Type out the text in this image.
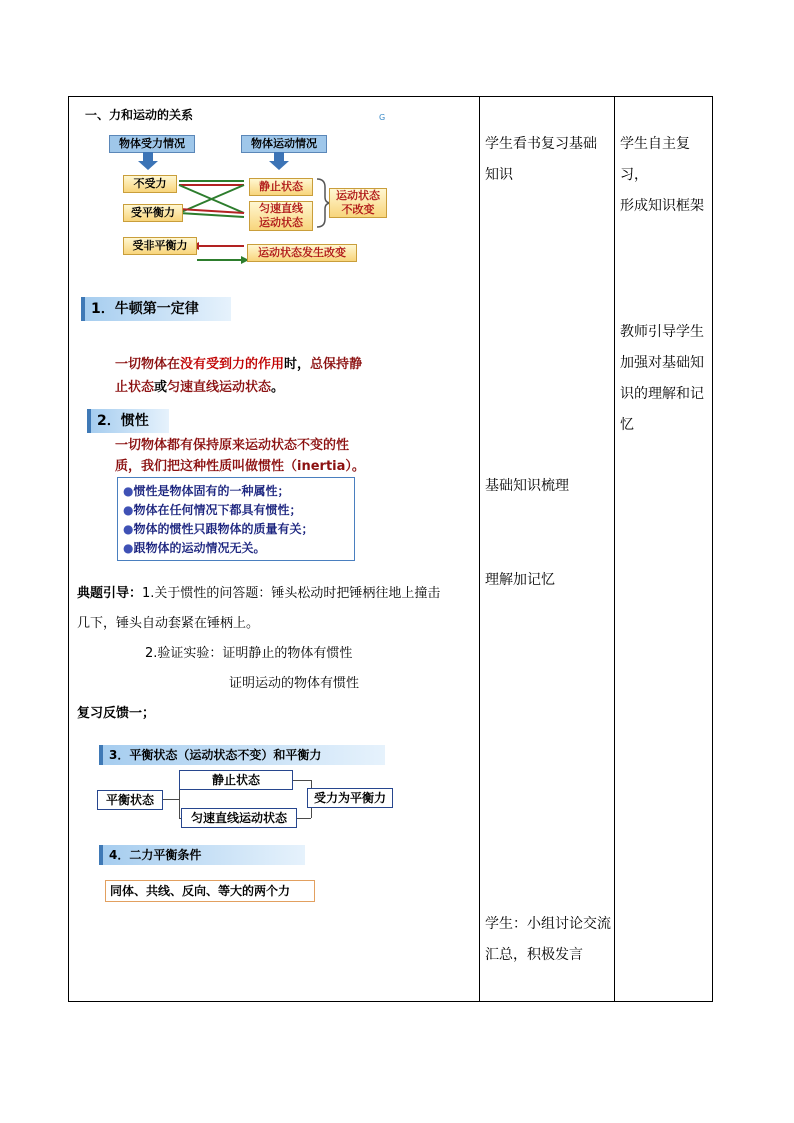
一、力和运动的关系	G
物体受力情况	物体运动情况
不受力
受平衡力
受非平衡力
静止状态
匀速直线
运动状态
运动状态
不改变
运动状态发生改变
1．牛顿第一定律
一切物体在没有受到力的作用时，总保持静
止状态或匀速直线运动状态。
2．惯性
一切物体都有保持原来运动状态不变的性
质，我们把这种性质叫做惯性（inertia）。
●惯性是物体固有的一种属性；
●物体在任何情况下都具有惯性；
●物体的惯性只跟物体的质量有关；
●跟物体的运动情况无关。
典题引导：1.关于惯性的问答题：锤头松动时把锤柄往地上撞击
几下，锤头自动套紧在锤柄上。
2.验证实验：证明静止的物体有惯性
证明运动的物体有惯性
复习反馈一；
3．平衡状态（运动状态不变）和平衡力
平衡状态
静止状态
匀速直线运动状态
受力为平衡力
4．二力平衡条件
同体、共线、反向、等大的两个力

学生看书复习基础
知识
基础知识梳理
理解加记忆
学生：小组讨论交流
汇总，积极发言

学生自主复习，
形成知识框架
教师引导学生
加强对基础知
识的理解和记
忆
